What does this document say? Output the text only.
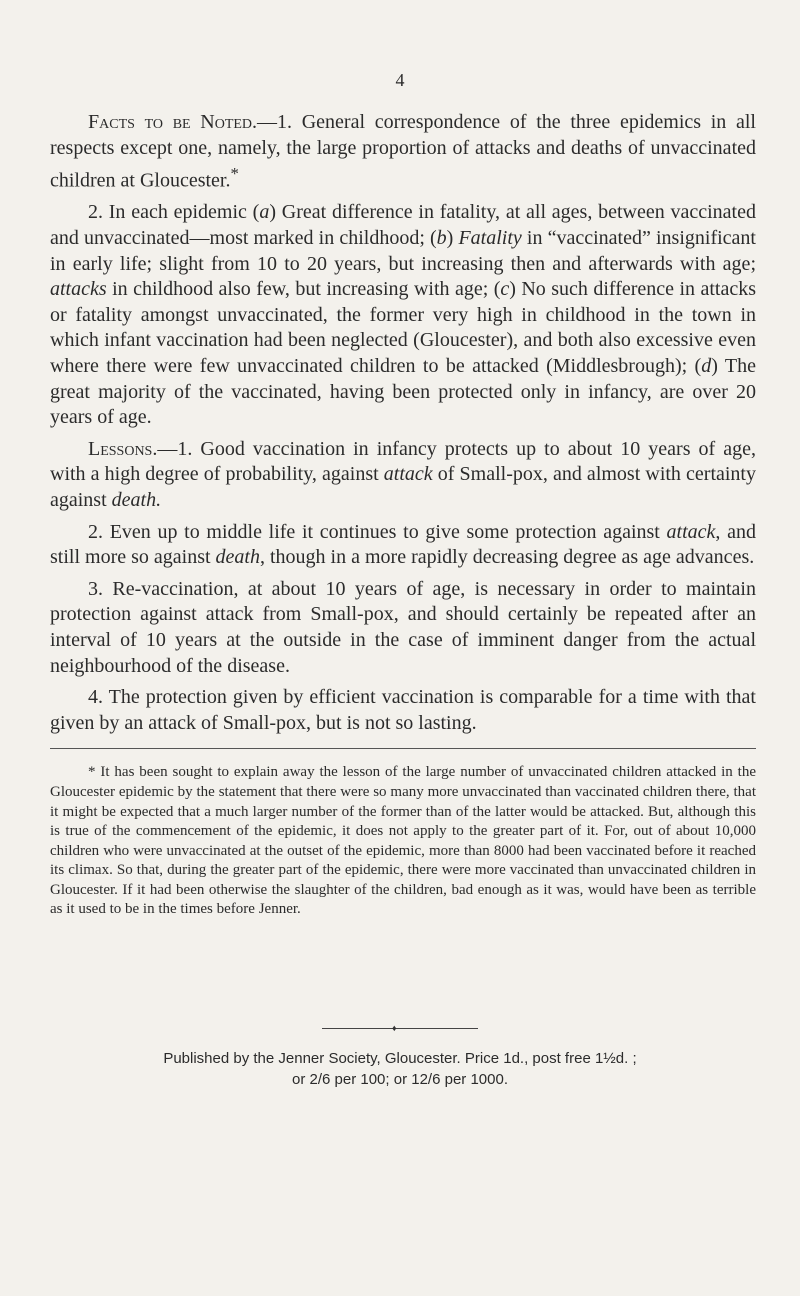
4

Facts to be Noted.—1. General correspondence of the three epidemics in all respects except one, namely, the large proportion of attacks and deaths of unvaccinated children at Gloucester.*

2. In each epidemic (a) Great difference in fatality, at all ages, between vaccinated and unvaccinated—most marked in childhood; (b) Fatality in “vaccinated” insignificant in early life; slight from 10 to 20 years, but increasing then and afterwards with age; attacks in childhood also few, but increasing with age; (c) No such difference in attacks or fatality amongst unvaccinated, the former very high in childhood in the town in which infant vaccination had been neglected (Gloucester), and both also excessive even where there were few unvaccinated children to be attacked (Middlesbrough); (d) The great majority of the vaccinated, having been protected only in infancy, are over 20 years of age.

Lessons.—1. Good vaccination in infancy protects up to about 10 years of age, with a high degree of probability, against attack of Small-pox, and almost with certainty against death.

2. Even up to middle life it continues to give some protection against attack, and still more so against death, though in a more rapidly decreasing degree as age advances.

3. Re-vaccination, at about 10 years of age, is necessary in order to maintain protection against attack from Small-pox, and should certainly be repeated after an interval of 10 years at the outside in the case of imminent danger from the actual neighbourhood of the disease.

4. The protection given by efficient vaccination is comparable for a time with that given by an attack of Small-pox, but is not so lasting.

* It has been sought to explain away the lesson of the large number of unvaccinated children attacked in the Gloucester epidemic by the statement that there were so many more unvaccinated than vaccinated children there, that it might be expected that a much larger number of the former than of the latter would be attacked. But, although this is true of the commencement of the epidemic, it does not apply to the greater part of it. For, out of about 10,000 children who were unvaccinated at the outset of the epidemic, more than 8000 had been vaccinated before it reached its climax. So that, during the greater part of the epidemic, there were more vaccinated than unvaccinated children in Gloucester. If it had been otherwise the slaughter of the children, bad enough as it was, would have been as terrible as it used to be in the times before Jenner.

♦
Published by the Jenner Society, Gloucester. Price 1d., post free 1½d. ;
or 2/6 per 100; or 12/6 per 1000.
